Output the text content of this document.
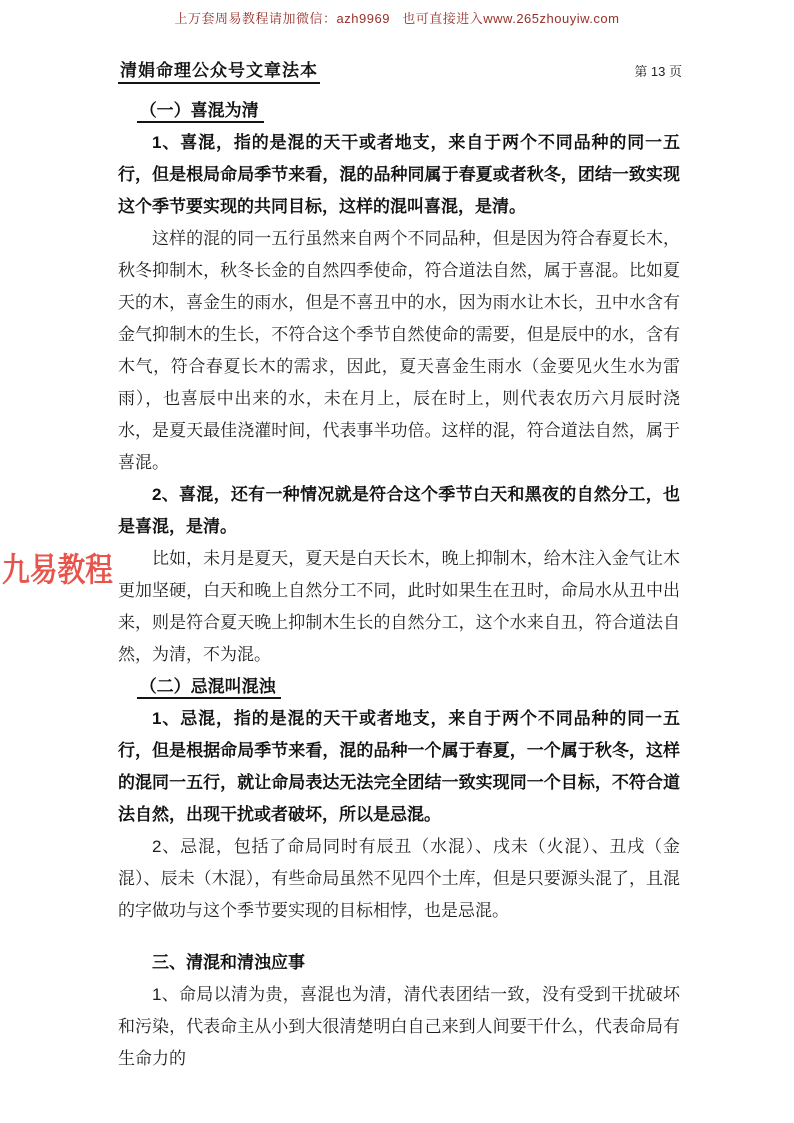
上万套周易教程请加微信：azh9969   也可直接进入www.265zhouyiw.com
清娟命理公众号文章法本	第 13 页

（一）喜混为清

1、喜混，指的是混的天干或者地支，来自于两个不同品种的同一五行，但是根局命局季节来看，混的品种同属于春夏或者秋冬，团结一致实现这个季节要实现的共同目标，这样的混叫喜混，是清。

这样的混的同一五行虽然来自两个不同品种，但是因为符合春夏长木，秋冬抑制木，秋冬长金的自然四季使命，符合道法自然，属于喜混。比如夏天的木，喜金生的雨水，但是不喜丑中的水，因为雨水让木长，丑中水含有金气抑制木的生长，不符合这个季节自然使命的需要，但是辰中的水，含有木气，符合春夏长木的需求，因此，夏天喜金生雨水（金要见火生水为雷雨），也喜辰中出来的水，未在月上，辰在时上，则代表农历六月辰时浇水，是夏天最佳浇灌时间，代表事半功倍。这样的混，符合道法自然，属于喜混。

2、喜混，还有一种情况就是符合这个季节白天和黑夜的自然分工，也是喜混，是清。

比如，未月是夏天，夏天是白天长木，晚上抑制木，给木注入金气让木更加坚硬，白天和晚上自然分工不同，此时如果生在丑时，命局水从丑中出来，则是符合夏天晚上抑制木生长的自然分工，这个水来自丑，符合道法自然，为清，不为混。

（二）忌混叫混浊

1、忌混，指的是混的天干或者地支，来自于两个不同品种的同一五行，但是根据命局季节来看，混的品种一个属于春夏，一个属于秋冬，这样的混同一五行，就让命局表达无法完全团结一致实现同一个目标，不符合道法自然，出现干扰或者破坏，所以是忌混。

2、忌混，包括了命局同时有辰丑（水混）、戌未（火混）、丑戌（金混）、辰未（木混），有些命局虽然不见四个土库，但是只要源头混了，且混的字做功与这个季节要实现的目标相悖，也是忌混。

三、清混和清浊应事

1、命局以清为贵，喜混也为清，清代表团结一致，没有受到干扰破坏和污染，代表命主从小到大很清楚明白自己来到人间要干什么，代表命局有生命力的

九易教程
